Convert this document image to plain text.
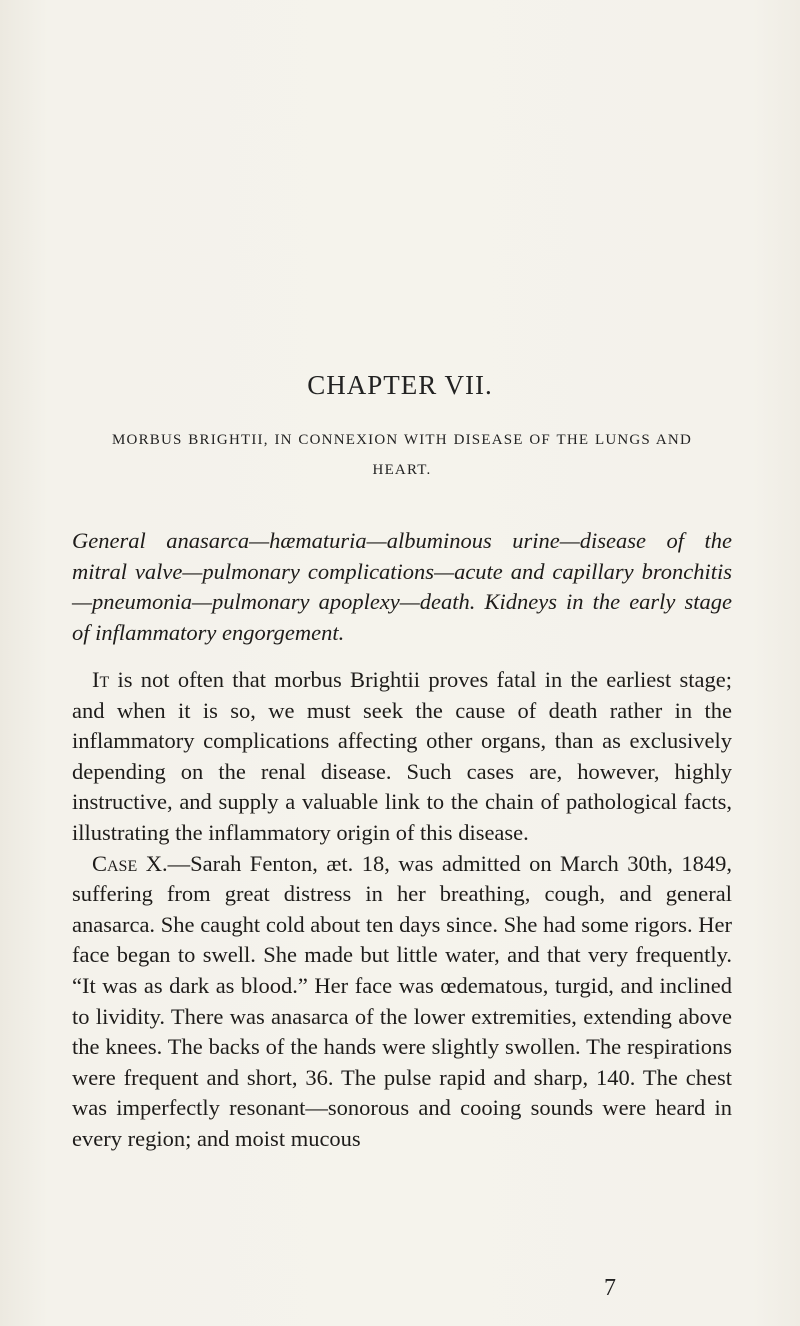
CHAPTER VII.
MORBUS BRIGHTII, IN CONNEXION WITH DISEASE OF THE LUNGS AND HEART.

General anasarca—hæmaturia—albuminous urine—disease of the mitral valve—pulmonary complications—acute and capillary bronchitis—pneumonia—pulmonary apoplexy—death. Kidneys in the early stage of inflammatory engorgement.

It is not often that morbus Brightii proves fatal in the earliest stage; and when it is so, we must seek the cause of death rather in the inflammatory complications affecting other organs, than as exclusively depending on the renal disease. Such cases are, however, highly instructive, and supply a valuable link to the chain of pathological facts, illustrating the inflammatory origin of this disease.

Case X.—Sarah Fenton, æt. 18, was admitted on March 30th, 1849, suffering from great distress in her breathing, cough, and general anasarca. She caught cold about ten days since. She had some rigors. Her face began to swell. She made but little water, and that very frequently. “It was as dark as blood.” Her face was œdematous, turgid, and inclined to lividity. There was anasarca of the lower extremities, extending above the knees. The backs of the hands were slightly swollen. The respirations were frequent and short, 36. The pulse rapid and sharp, 140. The chest was imperfectly resonant—sonorous and cooing sounds were heard in every region; and moist mucous

7
